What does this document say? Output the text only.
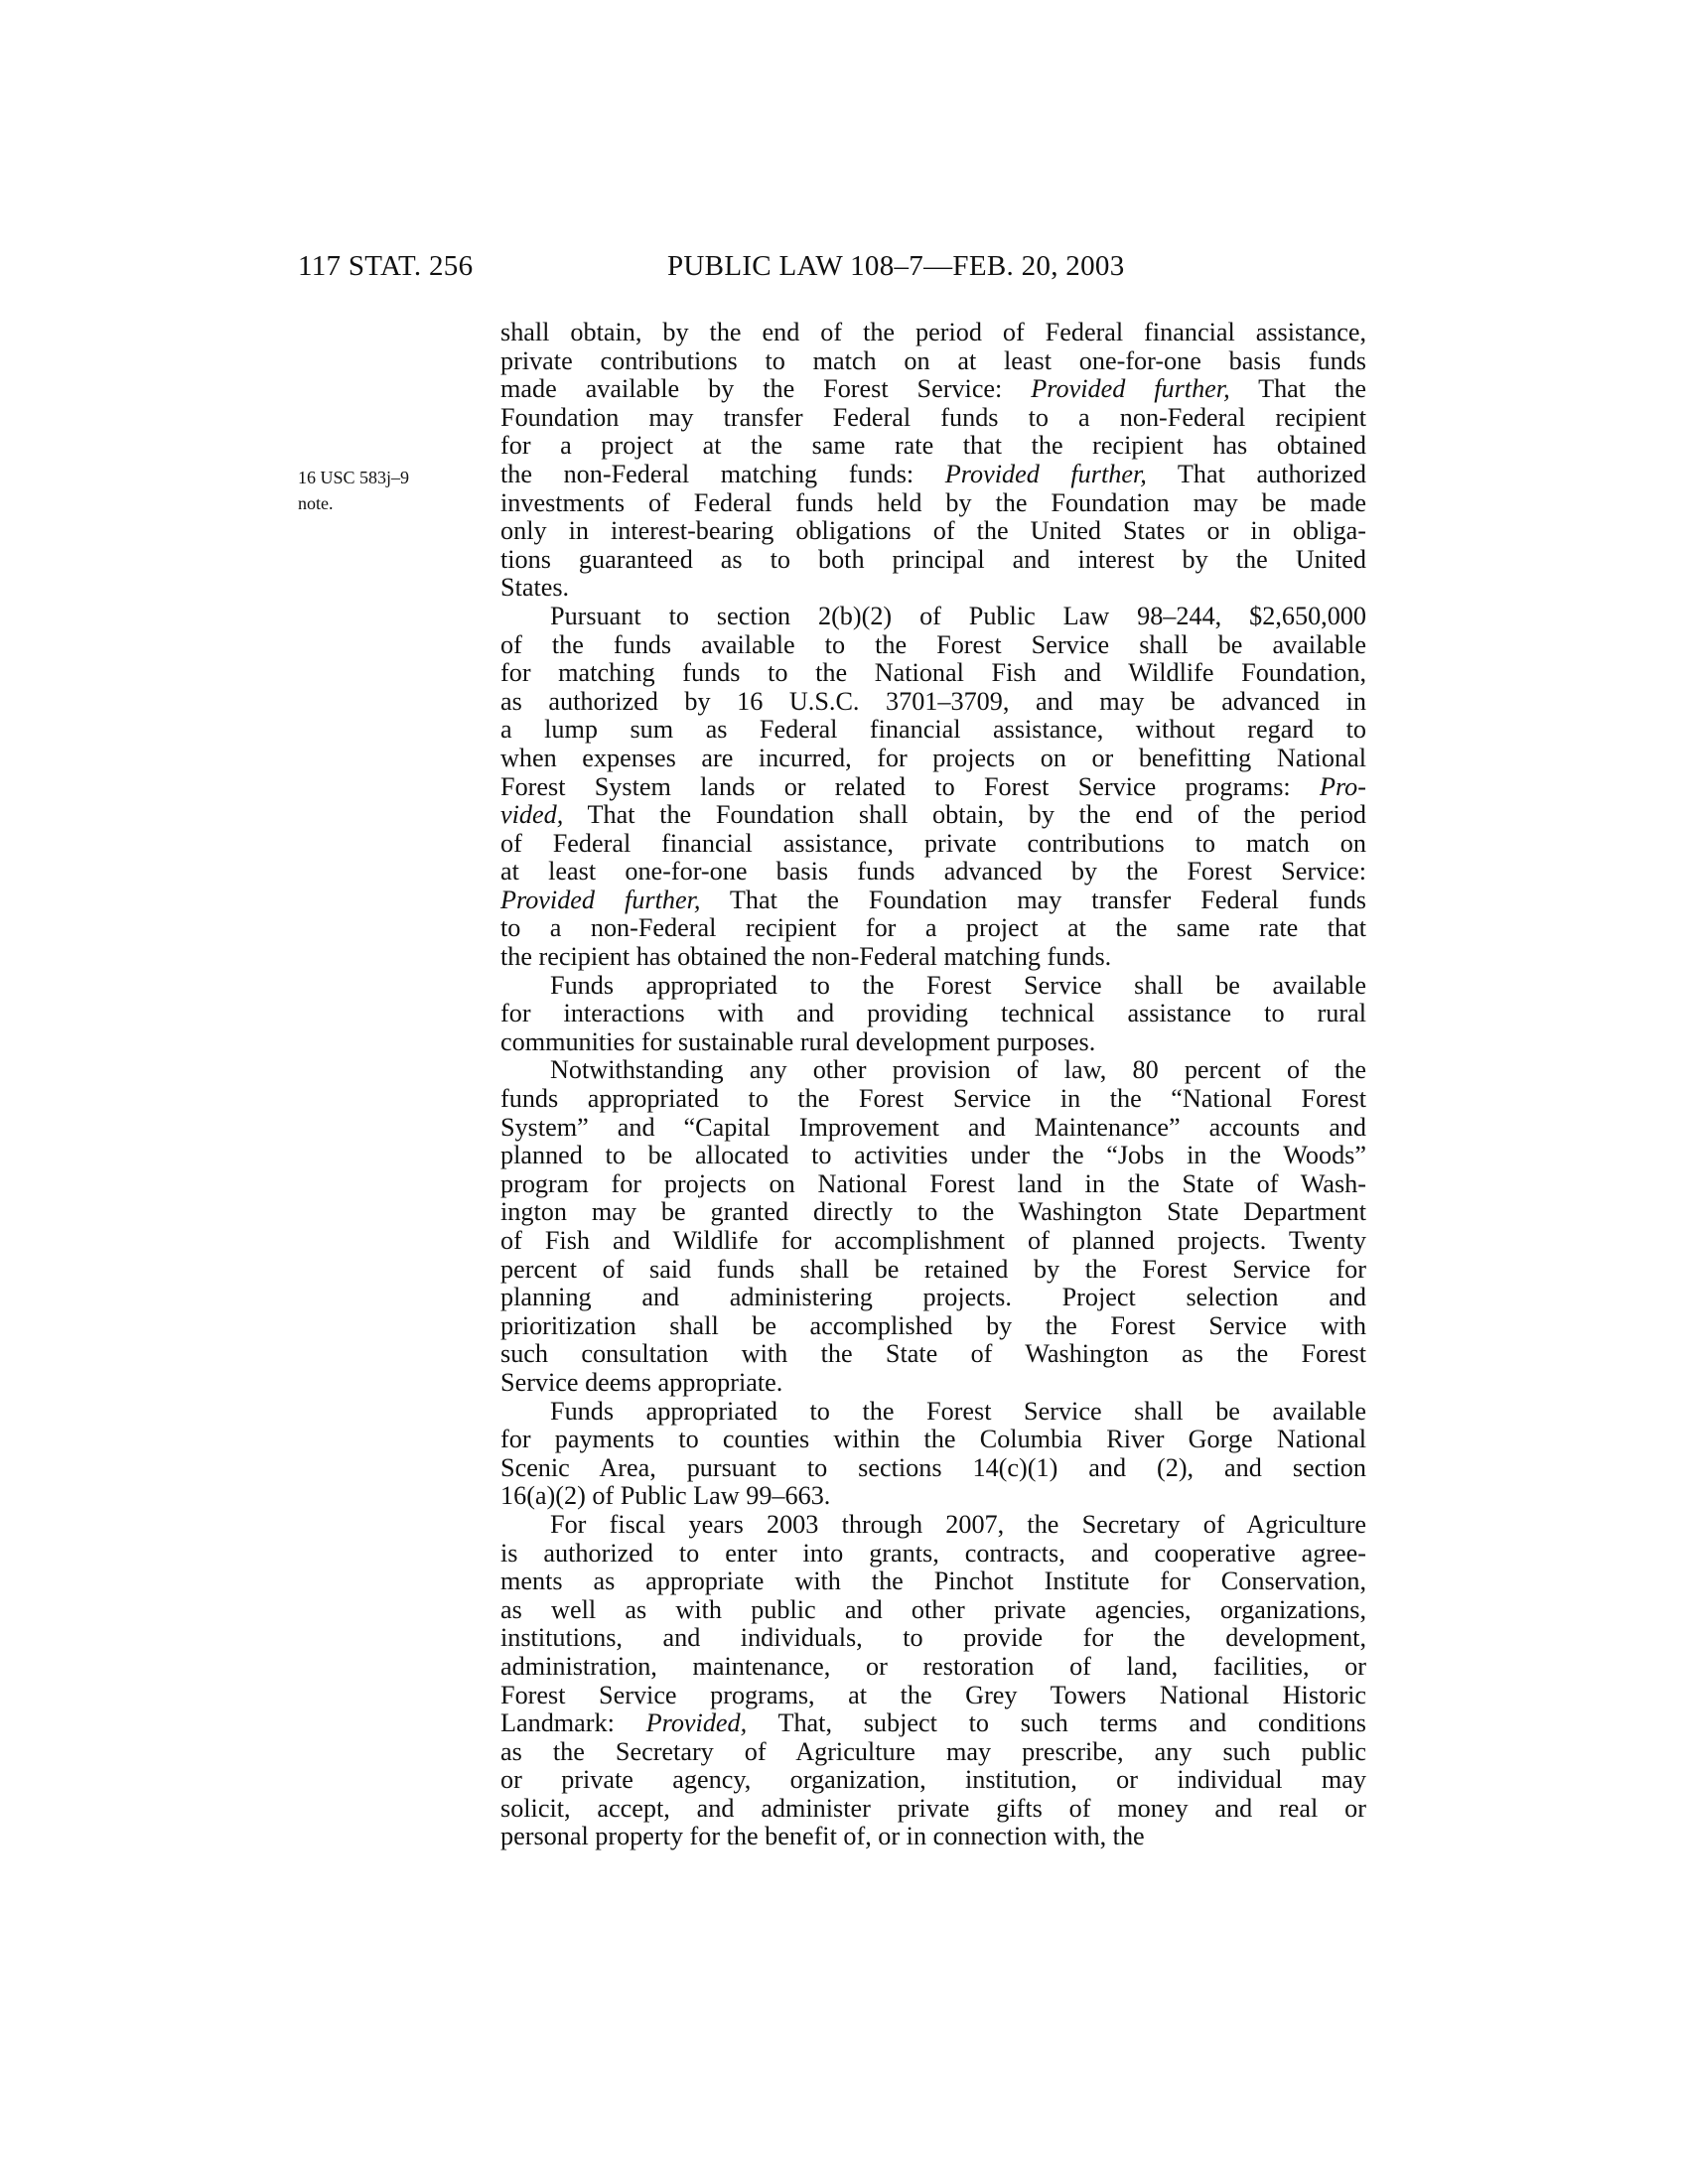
117 STAT. 256	PUBLIC LAW 108–7—FEB. 20, 2003
16 USC 583j–9
note.
shall obtain, by the end of the period of Federal financial assistance,
private contributions to match on at least one-for-one basis funds
made available by the Forest Service: Provided further, That the
Foundation may transfer Federal funds to a non-Federal recipient
for a project at the same rate that the recipient has obtained
the non-Federal matching funds: Provided further, That authorized
investments of Federal funds held by the Foundation may be made
only in interest-bearing obligations of the United States or in obliga-
tions guaranteed as to both principal and interest by the United
States.
Pursuant to section 2(b)(2) of Public Law 98–244, $2,650,000
of the funds available to the Forest Service shall be available
for matching funds to the National Fish and Wildlife Foundation,
as authorized by 16 U.S.C. 3701–3709, and may be advanced in
a lump sum as Federal financial assistance, without regard to
when expenses are incurred, for projects on or benefitting National
Forest System lands or related to Forest Service programs: Pro-
vided, That the Foundation shall obtain, by the end of the period
of Federal financial assistance, private contributions to match on
at least one-for-one basis funds advanced by the Forest Service:
Provided further, That the Foundation may transfer Federal funds
to a non-Federal recipient for a project at the same rate that
the recipient has obtained the non-Federal matching funds.
Funds appropriated to the Forest Service shall be available
for interactions with and providing technical assistance to rural
communities for sustainable rural development purposes.
Notwithstanding any other provision of law, 80 percent of the
funds appropriated to the Forest Service in the “National Forest
System” and “Capital Improvement and Maintenance” accounts and
planned to be allocated to activities under the “Jobs in the Woods”
program for projects on National Forest land in the State of Wash-
ington may be granted directly to the Washington State Department
of Fish and Wildlife for accomplishment of planned projects. Twenty
percent of said funds shall be retained by the Forest Service for
planning and administering projects. Project selection and
prioritization shall be accomplished by the Forest Service with
such consultation with the State of Washington as the Forest
Service deems appropriate.
Funds appropriated to the Forest Service shall be available
for payments to counties within the Columbia River Gorge National
Scenic Area, pursuant to sections 14(c)(1) and (2), and section
16(a)(2) of Public Law 99–663.
For fiscal years 2003 through 2007, the Secretary of Agriculture
is authorized to enter into grants, contracts, and cooperative agree-
ments as appropriate with the Pinchot Institute for Conservation,
as well as with public and other private agencies, organizations,
institutions, and individuals, to provide for the development,
administration, maintenance, or restoration of land, facilities, or
Forest Service programs, at the Grey Towers National Historic
Landmark: Provided, That, subject to such terms and conditions
as the Secretary of Agriculture may prescribe, any such public
or private agency, organization, institution, or individual may
solicit, accept, and administer private gifts of money and real or
personal property for the benefit of, or in connection with, the
